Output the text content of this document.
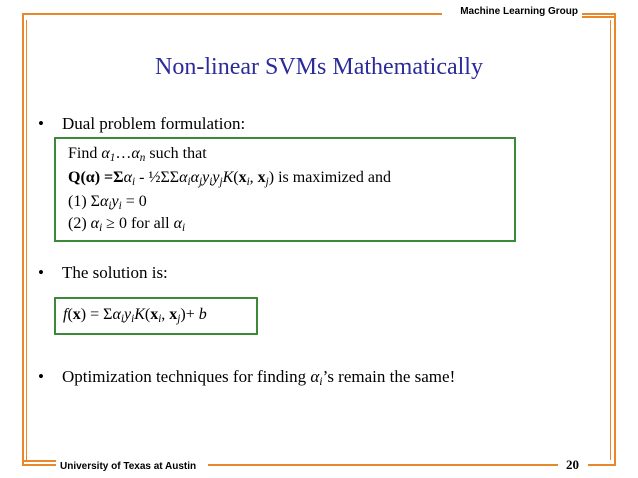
Machine Learning Group
University of Texas at Austin	20
Non-linear SVMs Mathematically
• Dual problem formulation:
Find $\alpha_1\dots\alpha_n$ such that
$Q(\alpha) =\Sigma\alpha_i$ - $\frac{1}{2}\Sigma\Sigma\alpha_i\alpha_jy_iy_jK(x_i$, $x_j$) is maximized and
(1) $\Sigma\alpha_iy_i = 0$
(2) $\alpha_i \ge 0$ for all $\alpha_i$
• The solution is:
$f(x) = \Sigma\alpha_iy_iK(x_i$, $x_j)+ b$
• Optimization techniques for finding $\alpha_i’s$ remain the same!
